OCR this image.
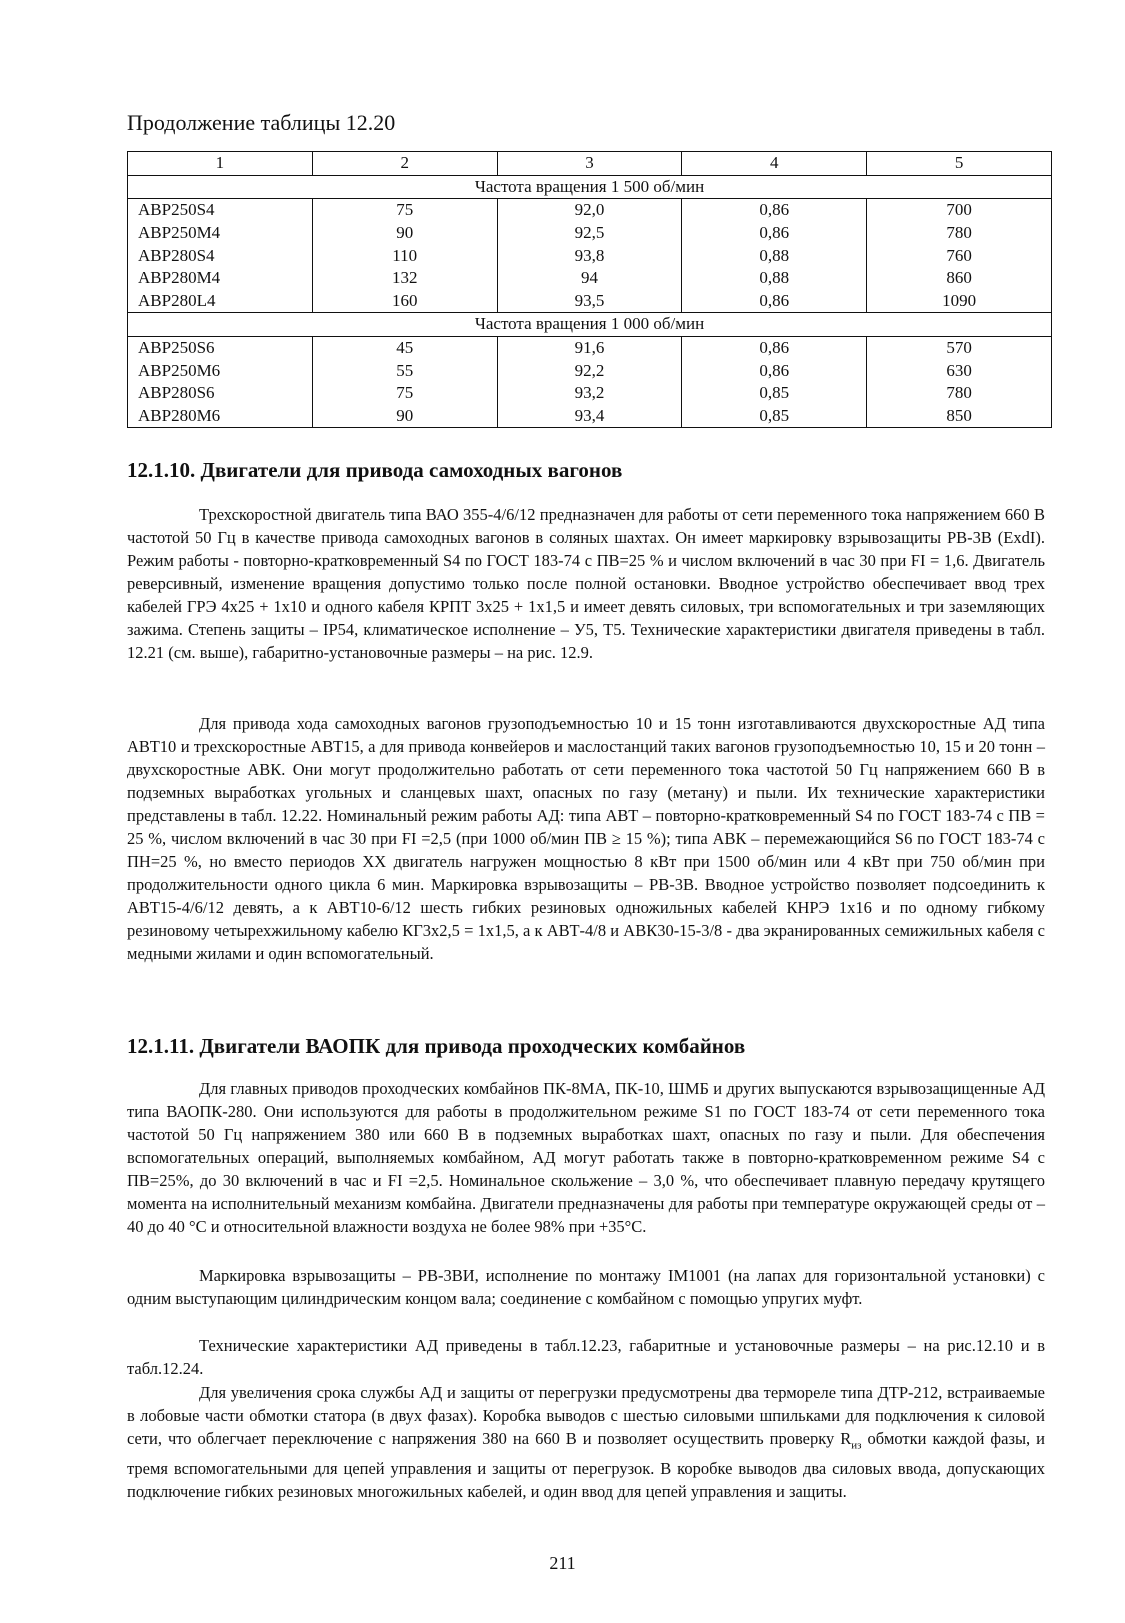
Продолжение таблицы 12.20
1	2	3	4	5
Частота вращения 1 500 об/мин				
АВР250S4	75	92,0	0,86	700
АВР250М4	90	92,5	0,86	780
АВР280S4	110	93,8	0,88	760
АВР280М4	132	94	0,88	860
АВР280L4	160	93,5	0,86	1090
Частота вращения 1 000 об/мин				
АВР250S6	45	91,6	0,86	570
АВР250М6	55	92,2	0,86	630
АВР280S6	75	93,2	0,85	780
АВР280М6	90	93,4	0,85	850
12.1.10. Двигатели для привода самоходных вагонов

Трехскоростной двигатель типа ВАО 355-4/6/12 предназначен для работы от сети переменного тока напряжением 660 В частотой 50 Гц в качестве привода самоходных вагонов в соляных шахтах. Он имеет маркировку взрывозащиты РВ-3В (ExdI). Режим работы - повторно-кратковременный S4 по ГОСТ 183-74 с ПВ=25 % и числом включений в час 30 при FI = 1,6. Двигатель реверсивный, изменение вращения допустимо только после полной остановки. Вводное устройство обеспечивает ввод трех кабелей ГРЭ 4х25 + 1х10 и одного кабеля КРПТ 3х25 + 1х1,5 и имеет девять силовых, три вспомогательных и три заземляющих зажима. Степень защиты – IP54, климатическое исполнение – У5, Т5. Технические характеристики двигателя приведены в табл. 12.21 (см. выше), габаритно-установочные размеры – на рис. 12.9.

Для привода хода самоходных вагонов грузоподъемностью 10 и 15 тонн изготавливаются двухскоростные АД типа АВТ10 и трехскоростные АВТ15, а для привода конвейеров и маслостанций таких вагонов грузоподъемностью 10, 15 и 20 тонн – двухскоростные АВК. Они могут продолжительно работать от сети переменного тока частотой 50 Гц напряжением 660 В в подземных выработках угольных и сланцевых шахт, опасных по газу (метану) и пыли. Их технические характеристики представлены в табл. 12.22. Номинальный режим работы АД: типа АВТ – повторно-кратковременный S4 по ГОСТ 183-74 с ПВ = 25 %, числом включений в час 30 при FI =2,5 (при 1000 об/мин ПВ ≥ 15 %); типа АВК – перемежающийся S6 по ГОСТ 183-74 с ПН=25 %, но вместо периодов ХХ двигатель нагружен мощностью 8 кВт при 1500 об/мин или 4 кВт при 750 об/мин при продолжительности одного цикла 6 мин. Маркировка взрывозащиты – РВ-3В. Вводное устройство позволяет подсоединить к АВТ15-4/6/12 девять, а к АВТ10-6/12 шесть гибких резиновых одножильных кабелей КНРЭ 1х16 и по одному гибкому резиновому четырехжильному кабелю КГ3х2,5 = 1х1,5, а к АВТ-4/8 и АВК30-15-3/8 - два экранированных семижильных кабеля с медными жилами и один вспомогательный.

12.1.11. Двигатели ВАОПК для привода проходческих комбайнов

Для главных приводов проходческих комбайнов ПК-8МА, ПК-10, ШМБ и других выпускаются взрывозащищенные АД типа ВАОПК-280. Они используются для работы в продолжительном режиме S1 по ГОСТ 183-74 от сети переменного тока частотой 50 Гц напряжением 380 или 660 В в подземных выработках шахт, опасных по газу и пыли. Для обеспечения вспомогательных операций, выполняемых комбайном, АД могут работать также в повторно-кратковременном режиме S4 с ПВ=25%, до 30 включений в час и FI =2,5. Номинальное скольжение – 3,0 %, что обеспечивает плавную передачу крутящего момента на исполнительный механизм комбайна. Двигатели предназначены для работы при температуре окружающей среды от –40 до 40 °С и относительной влажности воздуха не более 98% при +35°С.

Маркировка взрывозащиты – РВ-3ВИ, исполнение по монтажу IM1001 (на лапах для горизонтальной установки) с одним выступающим цилиндрическим концом вала; соединение с комбайном с помощью упругих муфт.

Технические характеристики АД приведены в табл.12.23, габаритные и установочные размеры – на рис.12.10 и в табл.12.24.

Для увеличения срока службы АД и защиты от перегрузки предусмотрены два термореле типа ДТР-212, встраиваемые в лобовые части обмотки статора (в двух фазах). Коробка выводов с шестью силовыми шпильками для подключения к силовой сети, что облегчает переключение с напряжения 380 на 660 В и позволяет осуществить проверку $R_{из}$ обмотки каждой фазы, и тремя вспомогательными для цепей управления и защиты от перегрузок. В коробке выводов два силовых ввода, допускающих подключение гибких резиновых многожильных кабелей, и один ввод для цепей управления и защиты.

211
